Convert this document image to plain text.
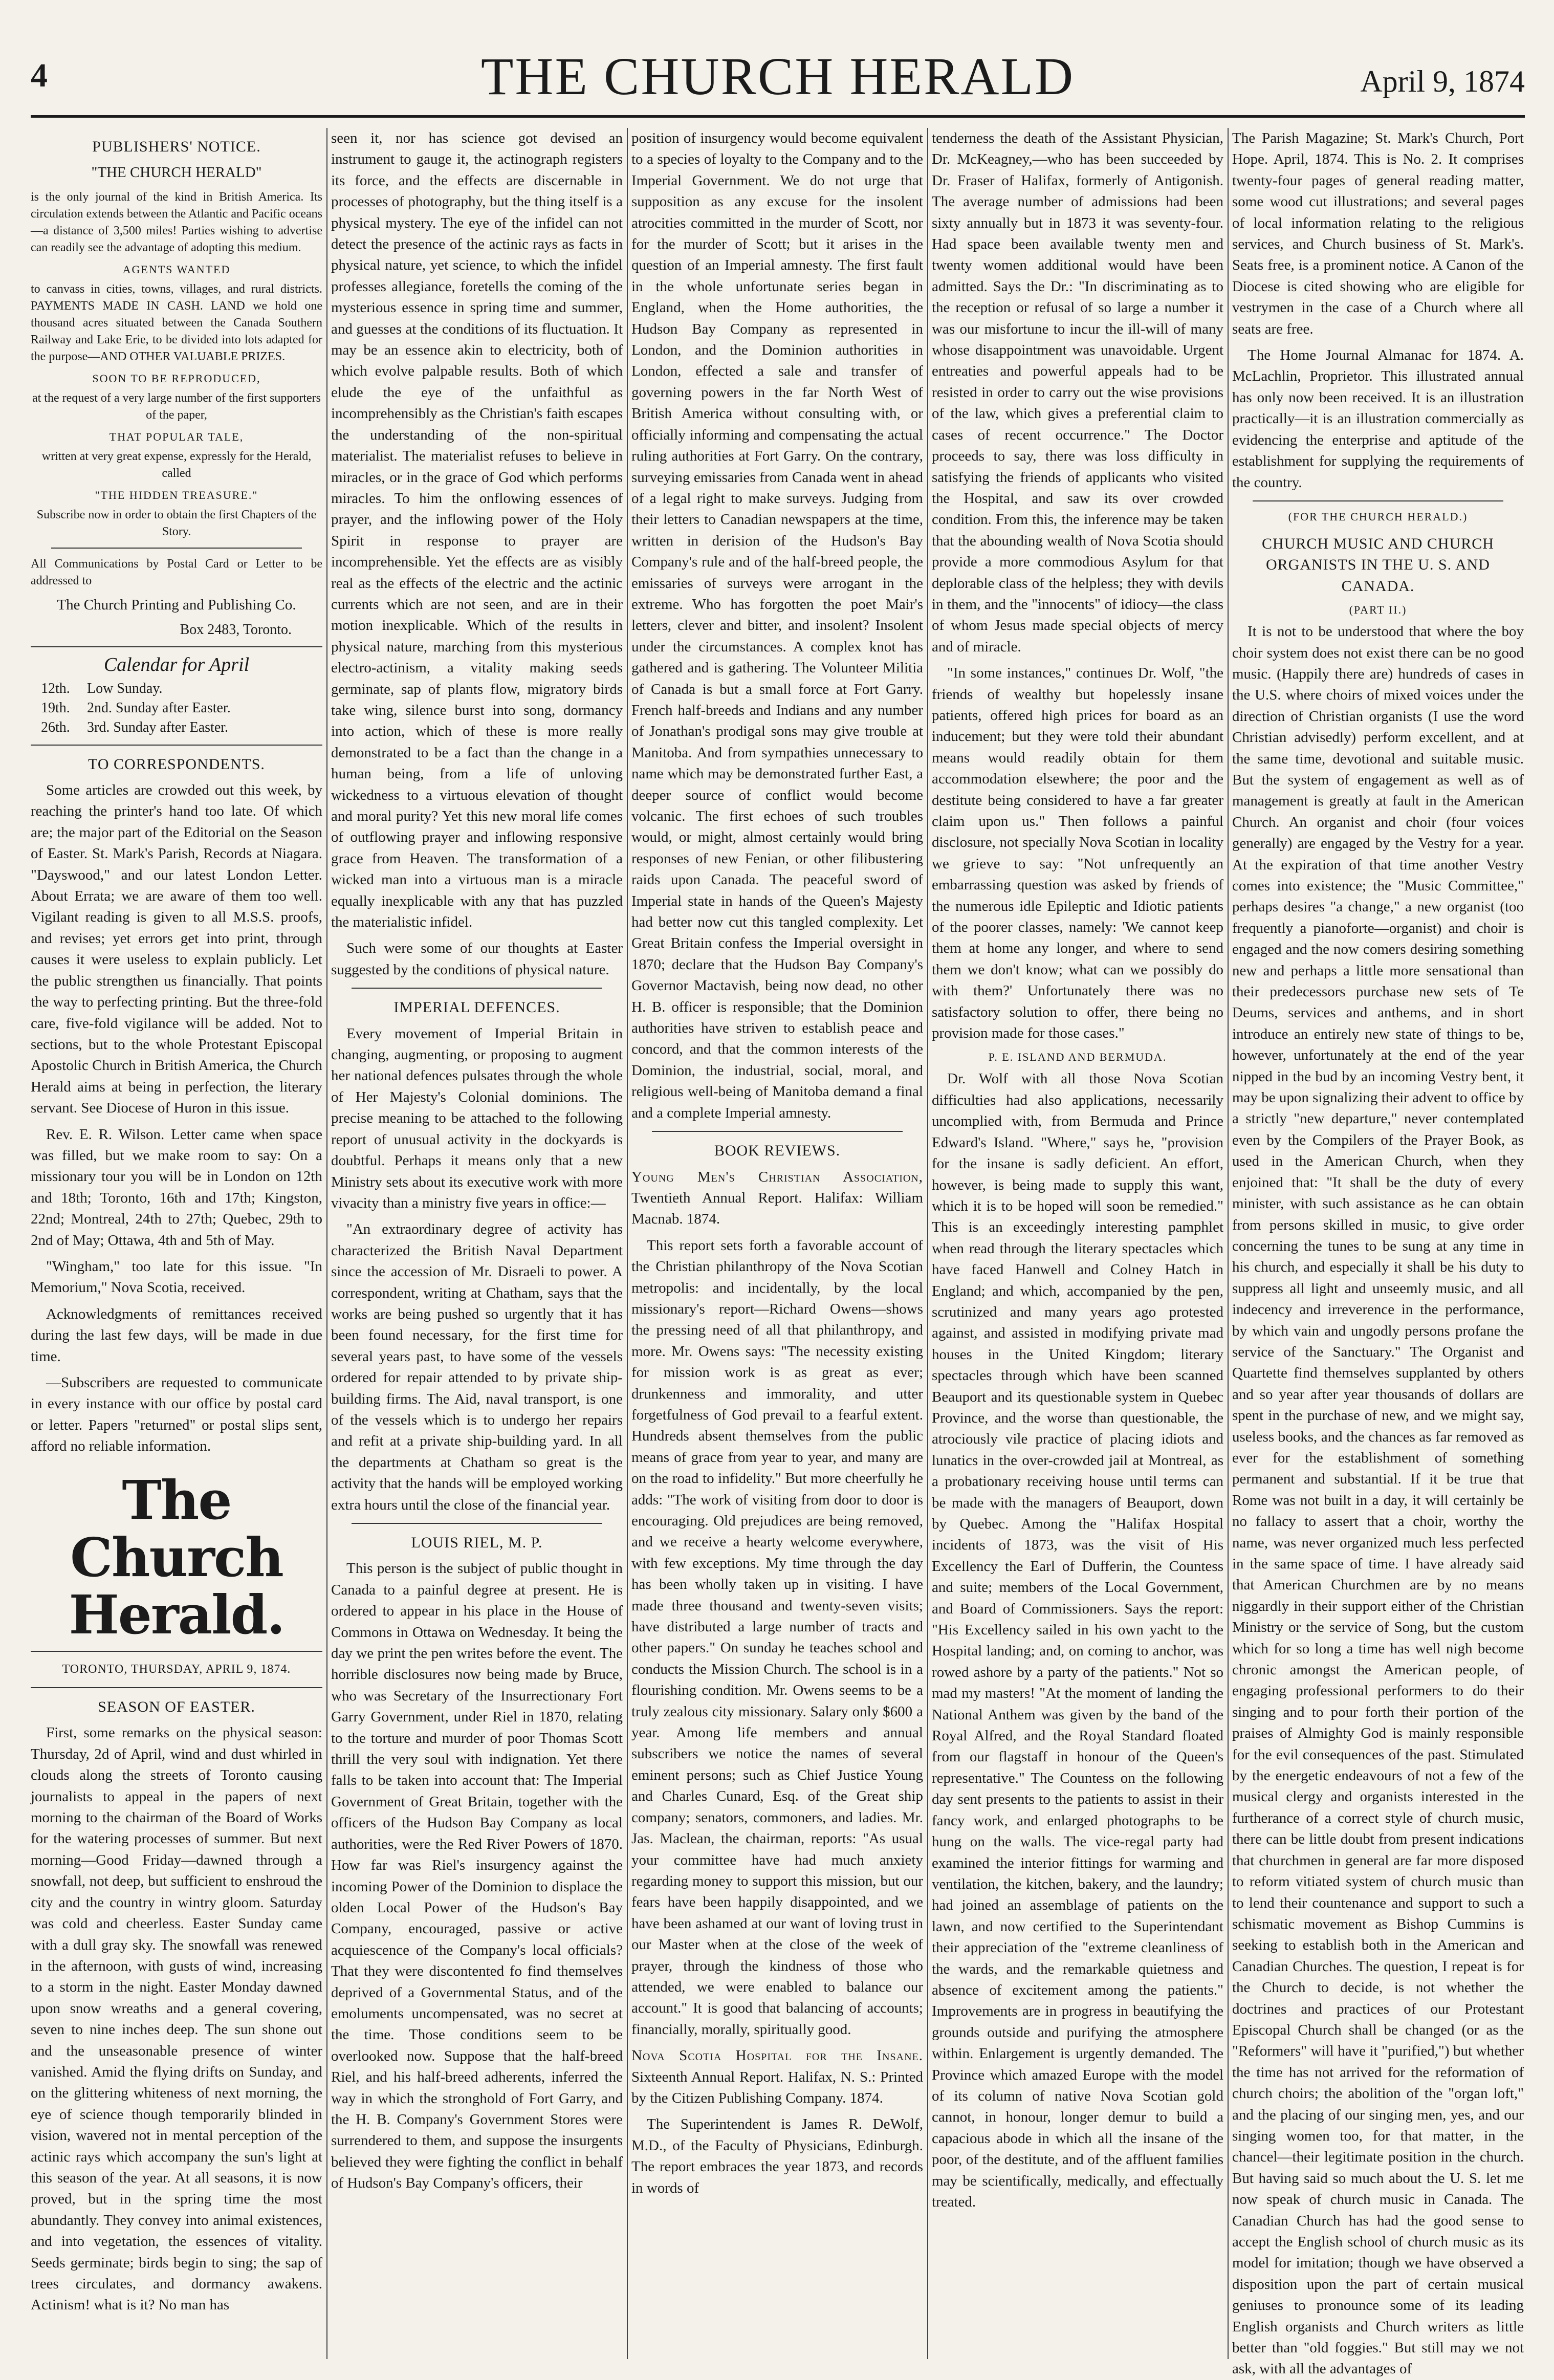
4	THE CHURCH HERALD	April 9, 1874
PUBLISHERS' NOTICE.

"THE CHURCH HERALD"

is the only journal of the kind in British America. Its circulation extends between the Atlantic and Pacific oceans—a distance of 3,500 miles! Parties wishing to advertise can readily see the advantage of adopting this medium.

AGENTS WANTED

to canvass in cities, towns, villages, and rural districts. PAYMENTS MADE IN CASH. LAND we hold one thousand acres situated between the Canada Southern Railway and Lake Erie, to be divided into lots adapted for the purpose—AND OTHER VALUABLE PRIZES.

SOON TO BE REPRODUCED,

at the request of a very large number of the first supporters of the paper,

THAT POPULAR TALE,

written at very great expense, expressly for the Herald, called

"THE HIDDEN TREASURE."

Subscribe now in order to obtain the first Chapters of the Story.

All Communications by Postal Card or Letter to be addressed to

The Church Printing and Publishing Co.

Box 2483, Toronto.
Calendar for April
12th. Low Sunday.
19th. 2nd. Sunday after Easter.
26th. 3rd. Sunday after Easter.
TO CORRESPONDENTS.

Some articles are crowded out this week, by reaching the printer's hand too late. Of which are; the major part of the Editorial on the Season of Easter. St. Mark's Parish, Records at Niagara. "Dayswood," and our latest London Letter. About Errata; we are aware of them too well. Vigilant reading is given to all M.S.S. proofs, and revises; yet errors get into print, through causes it were useless to explain publicly. Let the public strengthen us financially. That points the way to perfecting printing. But the three-fold care, five-fold vigilance will be added. Not to sections, but to the whole Protestant Episcopal Apostolic Church in British America, the Church Herald aims at being in perfection, the literary servant. See Diocese of Huron in this issue.

Rev. E. R. Wilson. Letter came when space was filled, but we make room to say: On a missionary tour you will be in London on 12th and 18th; Toronto, 16th and 17th; Kingston, 22nd; Montreal, 24th to 27th; Quebec, 29th to 2nd of May; Ottawa, 4th and 5th of May.

"Wingham," too late for this issue. "In Memorium," Nova Scotia, received.

Acknowledgments of remittances received during the last few days, will be made in due time.

—Subscribers are requested to communicate in every instance with our office by postal card or letter. Papers "returned" or postal slips sent, afford no reliable information.

The Church Herald.
TORONTO, THURSDAY, APRIL 9, 1874.
SEASON OF EASTER.

First, some remarks on the physical season: Thursday, 2d of April, wind and dust whirled in clouds along the streets of Toronto causing journalists to appeal in the papers of next morning to the chairman of the Board of Works for the watering processes of summer. But next morning—Good Friday—dawned through a snowfall, not deep, but sufficient to enshroud the city and the country in wintry gloom. Saturday was cold and cheerless. Easter Sunday came with a dull gray sky. The snowfall was renewed in the afternoon, with gusts of wind, increasing to a storm in the night. Easter Monday dawned upon snow wreaths and a general covering, seven to nine inches deep. The sun shone out and the unseasonable presence of winter vanished. Amid the flying drifts on Sunday, and on the glittering whiteness of next morning, the eye of science though temporarily blinded in vision, wavered not in mental perception of the actinic rays which accompany the sun's light at this season of the year. At all seasons, it is now proved, but in the spring time the most abundantly. They convey into animal existences, and into vegetation, the essences of vitality. Seeds germinate; birds begin to sing; the sap of trees circulates, and dormancy awakens. Actinism! what is it? No man has

seen it, nor has science got devised an instrument to gauge it, the actinograph registers its force, and the effects are discernable in processes of photography, but the thing itself is a physical mystery. The eye of the infidel can not detect the presence of the actinic rays as facts in physical nature, yet science, to which the infidel professes allegiance, foretells the coming of the mysterious essence in spring time and summer, and guesses at the conditions of its fluctuation. It may be an essence akin to electricity, both of which evolve palpable results. Both of which elude the eye of the unfaithful as incomprehensibly as the Christian's faith escapes the understanding of the non-spiritual materialist. The materialist refuses to believe in miracles, or in the grace of God which performs miracles. To him the onflowing essences of prayer, and the inflowing power of the Holy Spirit in response to prayer are incomprehensible. Yet the effects are as visibly real as the effects of the electric and the actinic currents which are not seen, and are in their motion inexplicable. Which of the results in physical nature, marching from this mysterious electro-actinism, a vitality making seeds germinate, sap of plants flow, migratory birds take wing, silence burst into song, dormancy into action, which of these is more really demonstrated to be a fact than the change in a human being, from a life of unloving wickedness to a virtuous elevation of thought and moral purity? Yet this new moral life comes of outflowing prayer and inflowing responsive grace from Heaven. The transformation of a wicked man into a virtuous man is a miracle equally inexplicable with any that has puzzled the materialistic infidel.

Such were some of our thoughts at Easter suggested by the conditions of physical nature.

IMPERIAL DEFENCES.

Every movement of Imperial Britain in changing, augmenting, or proposing to augment her national defences pulsates through the whole of Her Majesty's Colonial dominions. The precise meaning to be attached to the following report of unusual activity in the dockyards is doubtful. Perhaps it means only that a new Ministry sets about its executive work with more vivacity than a ministry five years in office:—

"An extraordinary degree of activity has characterized the British Naval Department since the accession of Mr. Disraeli to power. A correspondent, writing at Chatham, says that the works are being pushed so urgently that it has been found necessary, for the first time for several years past, to have some of the vessels ordered for repair attended to by private ship-building firms. The Aid, naval transport, is one of the vessels which is to undergo her repairs and refit at a private ship-building yard. In all the departments at Chatham so great is the activity that the hands will be employed working extra hours until the close of the financial year.

LOUIS RIEL, M. P.

This person is the subject of public thought in Canada to a painful degree at present. He is ordered to appear in his place in the House of Commons in Ottawa on Wednesday. It being the day we print the pen writes before the event. The horrible disclosures now being made by Bruce, who was Secretary of the Insurrectionary Fort Garry Government, under Riel in 1870, relating to the torture and murder of poor Thomas Scott thrill the very soul with indignation. Yet there falls to be taken into account that: The Imperial Government of Great Britain, together with the officers of the Hudson Bay Company as local authorities, were the Red River Powers of 1870. How far was Riel's insurgency against the incoming Power of the Dominion to displace the olden Local Power of the Hudson's Bay Company, encouraged, passive or active acquiescence of the Company's local officials? That they were discontented fo find themselves deprived of a Governmental Status, and of the emoluments uncompensated, was no secret at the time. Those conditions seem to be overlooked now. Suppose that the half-breed Riel, and his half-breed adherents, inferred the way in which the stronghold of Fort Garry, and the H. B. Company's Government Stores were surrendered to them, and suppose the insurgents believed they were fighting the conflict in behalf of Hudson's Bay Company's officers, their

position of insurgency would become equivalent to a species of loyalty to the Company and to the Imperial Government. We do not urge that supposition as any excuse for the insolent atrocities committed in the murder of Scott, nor for the murder of Scott; but it arises in the question of an Imperial amnesty. The first fault in the whole unfortunate series began in England, when the Home authorities, the Hudson Bay Company as represented in London, and the Dominion authorities in London, effected a sale and transfer of governing powers in the far North West of British America without consulting with, or officially informing and compensating the actual ruling authorities at Fort Garry. On the contrary, surveying emissaries from Canada went in ahead of a legal right to make surveys. Judging from their letters to Canadian newspapers at the time, written in derision of the Hudson's Bay Company's rule and of the half-breed people, the emissaries of surveys were arrogant in the extreme. Who has forgotten the poet Mair's letters, clever and bitter, and insolent? Insolent under the circumstances. A complex knot has gathered and is gathering. The Volunteer Militia of Canada is but a small force at Fort Garry. French half-breeds and Indians and any number of Jonathan's prodigal sons may give trouble at Manitoba. And from sympathies unnecessary to name which may be demonstrated further East, a deeper source of conflict would become volcanic. The first echoes of such troubles would, or might, almost certainly would bring responses of new Fenian, or other filibustering raids upon Canada. The peaceful sword of Imperial state in hands of the Queen's Majesty had better now cut this tangled complexity. Let Great Britain confess the Imperial oversight in 1870; declare that the Hudson Bay Company's Governor Mactavish, being now dead, no other H. B. officer is responsible; that the Dominion authorities have striven to establish peace and concord, and that the common interests of the Dominion, the industrial, social, moral, and religious well-being of Manitoba demand a final and a complete Imperial amnesty.

BOOK REVIEWS.

Young Men's Christian Association, Twentieth Annual Report. Halifax: William Macnab. 1874.

This report sets forth a favorable account of the Christian philanthropy of the Nova Scotian metropolis: and incidentally, by the local missionary's report—Richard Owens—shows the pressing need of all that philanthropy, and more. Mr. Owens says: "The necessity existing for mission work is as great as ever; drunkenness and immorality, and utter forgetfulness of God prevail to a fearful extent. Hundreds absent themselves from the public means of grace from year to year, and many are on the road to infidelity." But more cheerfully he adds: "The work of visiting from door to door is encouraging. Old prejudices are being removed, and we receive a hearty welcome everywhere, with few exceptions. My time through the day has been wholly taken up in visiting. I have made three thousand and twenty-seven visits; have distributed a large number of tracts and other papers." On sunday he teaches school and conducts the Mission Church. The school is in a flourishing condition. Mr. Owens seems to be a truly zealous city missionary. Salary only $600 a year. Among life members and annual subscribers we notice the names of several eminent persons; such as Chief Justice Young and Charles Cunard, Esq. of the Great ship company; senators, commoners, and ladies. Mr. Jas. Maclean, the chairman, reports: "As usual your committee have had much anxiety regarding money to support this mission, but our fears have been happily disappointed, and we have been ashamed at our want of loving trust in our Master when at the close of the week of prayer, through the kindness of those who attended, we were enabled to balance our account." It is good that balancing of accounts; financially, morally, spiritually good.

Nova Scotia Hospital for the Insane. Sixteenth Annual Report. Halifax, N. S.: Printed by the Citizen Publishing Company. 1874.

The Superintendent is James R. DeWolf, M.D., of the Faculty of Physicians, Edinburgh. The report embraces the year 1873, and records in words of

tenderness the death of the Assistant Physician, Dr. McKeagney,—who has been succeeded by Dr. Fraser of Halifax, formerly of Antigonish. The average number of admissions had been sixty annually but in 1873 it was seventy-four. Had space been available twenty men and twenty women additional would have been admitted. Says the Dr.: "In discriminating as to the reception or refusal of so large a number it was our misfortune to incur the ill-will of many whose disappointment was unavoidable. Urgent entreaties and powerful appeals had to be resisted in order to carry out the wise provisions of the law, which gives a preferential claim to cases of recent occurrence." The Doctor proceeds to say, there was loss difficulty in satisfying the friends of applicants who visited the Hospital, and saw its over crowded condition. From this, the inference may be taken that the abounding wealth of Nova Scotia should provide a more commodious Asylum for that deplorable class of the helpless; they with devils in them, and the "innocents" of idiocy—the class of whom Jesus made special objects of mercy and of miracle.

"In some instances," continues Dr. Wolf, "the friends of wealthy but hopelessly insane patients, offered high prices for board as an inducement; but they were told their abundant means would readily obtain for them accommodation elsewhere; the poor and the destitute being considered to have a far greater claim upon us." Then follows a painful disclosure, not specially Nova Scotian in locality we grieve to say: "Not unfrequently an embarrassing question was asked by friends of the numerous idle Epileptic and Idiotic patients of the poorer classes, namely: 'We cannot keep them at home any longer, and where to send them we don't know; what can we possibly do with them?' Unfortunately there was no satisfactory solution to offer, there being no provision made for those cases."

P. E. ISLAND AND BERMUDA.

Dr. Wolf with all those Nova Scotian difficulties had also applications, necessarily uncomplied with, from Bermuda and Prince Edward's Island. "Where," says he, "provision for the insane is sadly deficient. An effort, however, is being made to supply this want, which it is to be hoped will soon be remedied." This is an exceedingly interesting pamphlet when read through the literary spectacles which have faced Hanwell and Colney Hatch in England; and which, accompanied by the pen, scrutinized and many years ago protested against, and assisted in modifying private mad houses in the United Kingdom; literary spectacles through which have been scanned Beauport and its questionable system in Quebec Province, and the worse than questionable, the atrociously vile practice of placing idiots and lunatics in the over-crowded jail at Montreal, as a probationary receiving house until terms can be made with the managers of Beauport, down by Quebec. Among the "Halifax Hospital incidents of 1873, was the visit of His Excellency the Earl of Dufferin, the Countess and suite; members of the Local Government, and Board of Commissioners. Says the report: "His Excellency sailed in his own yacht to the Hospital landing; and, on coming to anchor, was rowed ashore by a party of the patients." Not so mad my masters! "At the moment of landing the National Anthem was given by the band of the Royal Alfred, and the Royal Standard floated from our flagstaff in honour of the Queen's representative." The Countess on the following day sent presents to the patients to assist in their fancy work, and enlarged photographs to be hung on the walls. The vice-regal party had examined the interior fittings for warming and ventilation, the kitchen, bakery, and the laundry; had joined an assemblage of patients on the lawn, and now certified to the Superintendant their appreciation of the "extreme cleanliness of the wards, and the remarkable quietness and absence of excitement among the patients." Improvements are in progress in beautifying the grounds outside and purifying the atmosphere within. Enlargement is urgently demanded. The Province which amazed Europe with the model of its column of native Nova Scotian gold cannot, in honour, longer demur to build a capacious abode in which all the insane of the poor, of the destitute, and of the affluent families may be scientifically, medically, and effectually treated.

The Parish Magazine; St. Mark's Church, Port Hope. April, 1874. This is No. 2. It comprises twenty-four pages of general reading matter, some wood cut illustrations; and several pages of local information relating to the religious services, and Church business of St. Mark's. Seats free, is a prominent notice. A Canon of the Diocese is cited showing who are eligible for vestrymen in the case of a Church where all seats are free.

The Home Journal Almanac for 1874. A. McLachlin, Proprietor. This illustrated annual has only now been received. It is an illustration practically—it is an illustration commercially as evidencing the enterprise and aptitude of the establishment for supplying the requirements of the country.

(FOR THE CHURCH HERALD.)

CHURCH MUSIC AND CHURCH ORGANISTS IN THE U. S. AND CANADA.

(PART II.)

It is not to be understood that where the boy choir system does not exist there can be no good music. (Happily there are) hundreds of cases in the U.S. where choirs of mixed voices under the direction of Christian organists (I use the word Christian advisedly) perform excellent, and at the same time, devotional and suitable music. But the system of engagement as well as of management is greatly at fault in the American Church. An organist and choir (four voices generally) are engaged by the Vestry for a year. At the expiration of that time another Vestry comes into existence; the "Music Committee," perhaps desires "a change," a new organist (too frequently a pianoforte—organist) and choir is engaged and the now comers desiring something new and perhaps a little more sensational than their predecessors purchase new sets of Te Deums, services and anthems, and in short introduce an entirely new state of things to be, however, unfortunately at the end of the year nipped in the bud by an incoming Vestry bent, it may be upon signalizing their advent to office by a strictly "new departure," never contemplated even by the Compilers of the Prayer Book, as used in the American Church, when they enjoined that: "It shall be the duty of every minister, with such assistance as he can obtain from persons skilled in music, to give order concerning the tunes to be sung at any time in his church, and especially it shall be his duty to suppress all light and unseemly music, and all indecency and irreverence in the performance, by which vain and ungodly persons profane the service of the Sanctuary." The Organist and Quartette find themselves supplanted by others and so year after year thousands of dollars are spent in the purchase of new, and we might say, useless books, and the chances as far removed as ever for the establishment of something permanent and substantial. If it be true that Rome was not built in a day, it will certainly be no fallacy to assert that a choir, worthy the name, was never organized much less perfected in the same space of time. I have already said that American Churchmen are by no means niggardly in their support either of the Christian Ministry or the service of Song, but the custom which for so long a time has well nigh become chronic amongst the American people, of engaging professional performers to do their singing and to pour forth their portion of the praises of Almighty God is mainly responsible for the evil consequences of the past. Stimulated by the energetic endeavours of not a few of the musical clergy and organists interested in the furtherance of a correct style of church music, there can be little doubt from present indications that churchmen in general are far more disposed to reform vitiated system of church music than to lend their countenance and support to such a schismatic movement as Bishop Cummins is seeking to establish both in the American and Canadian Churches. The question, I repeat is for the Church to decide, is not whether the doctrines and practices of our Protestant Episcopal Church shall be changed (or as the "Reformers" will have it "purified,") but whether the time has not arrived for the reformation of church choirs; the abolition of the "organ loft," and the placing of our singing men, yes, and our singing women too, for that matter, in the chancel—their legitimate position in the church. But having said so much about the U. S. let me now speak of church music in Canada. The Canadian Church has had the good sense to accept the English school of church music as its model for imitation; though we have observed a disposition upon the part of certain musical geniuses to pronounce some of its leading English organists and Church writers as little better than "old foggies." But still may we not ask, with all the advantages of
